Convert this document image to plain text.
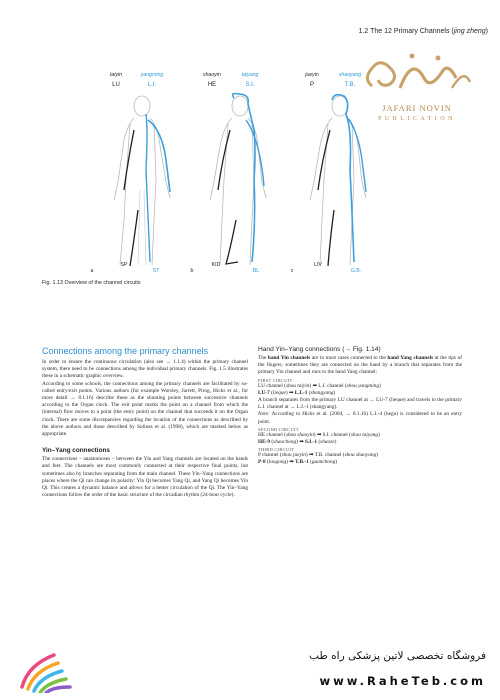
1.2 The 12 Primary Channels (jing zheng)
JAFARI NOVIN
PUBLICATION
taiyin	yangming
LU	L.I.
shaoyin	taiyang
HE	S.I.
jueyin	shaoyang
P	T.B.
a
SP
ST	b
KID
BL	c
LIV
G.B.
Fig. 1.13 Overview of the channel circuits
Connections among the primary channels

In order to ensure the continuous circulation (also see → 1.1.4) within the primary channel system, there need to be connections among the individual primary channels. Fig. 1.5 illustrates these in a schematic graphic overview.

According to some schools, the connections among the primary channels are facilitated by so-called entry/exit points. Various authors (for example Worsley, Jarrett, Pirog, Hicks et al., for more detail → 8.1.16) describe these as the shunting points between successive channels according to the Organ clock. The exit point marks the point on a channel from which the (internal) flow moves to a point (the entry point) on the channel that succeeds it on the Organ clock. There are some discrepancies regarding the location of the connections as described by the above authors and those described by Solinas et al. (1998), which are marked below as appropriate.

Yin–Yang connections
The connections – anastomoses – between the Yin and Yang channels are located on the hands and feet. The channels are most commonly connected at their respective final points, but sometimes also by branches separating from the main channel. These Yin–Yang connections are places where the Qi can change its polarity: Yin Qi becomes Yang Qi, and Yang Qi becomes Yin Qi. This creates a dynamic balance and allows for a better circulation of the Qi. The Yin–Yang connections follow the order of the basic structure of the circadian rhythm (24-hour cycle).
Hand Yin–Yang connections (→ Fig. 1.14)
The hand Yin channels are in most cases connected to the hand Yang channels at the tips of the fingers; sometimes they are connected on the hand by a branch that separates from the primary Yin channel and runs to the hand Yang channel:
FIRST CIRCUIT
LU channel (shou taiyin) ➡ L.I. channel (shou yangming)
LU-7 (lieque) ➡ L.I.-1 (shangyang)
A branch separates from the primary LU channel at → LU-7 (lieque) and travels to the primary L.I. channel at → L.I.-1 (shangyang).
Note: According to Hicks et al. (2004, → 8.1.16) L.I.-4 (hegu) is considered to be an entry point.
SECOND CIRCUIT
HE channel (shou shaoyin) ➡ S.I. channel (shou taiyang)
HE-9 (shaochong) ➡ S.I.-1 (shaoze)
THIRD CIRCUIT
P channel (shou jueyin) ➡ T.B. channel (shou shaoyang)
P-8 (laogong) ➡ T.B.-1 (guanchong)
فروشگاه تخصصی لاتین پزشکی راه طب
www.RaheTeb.com
